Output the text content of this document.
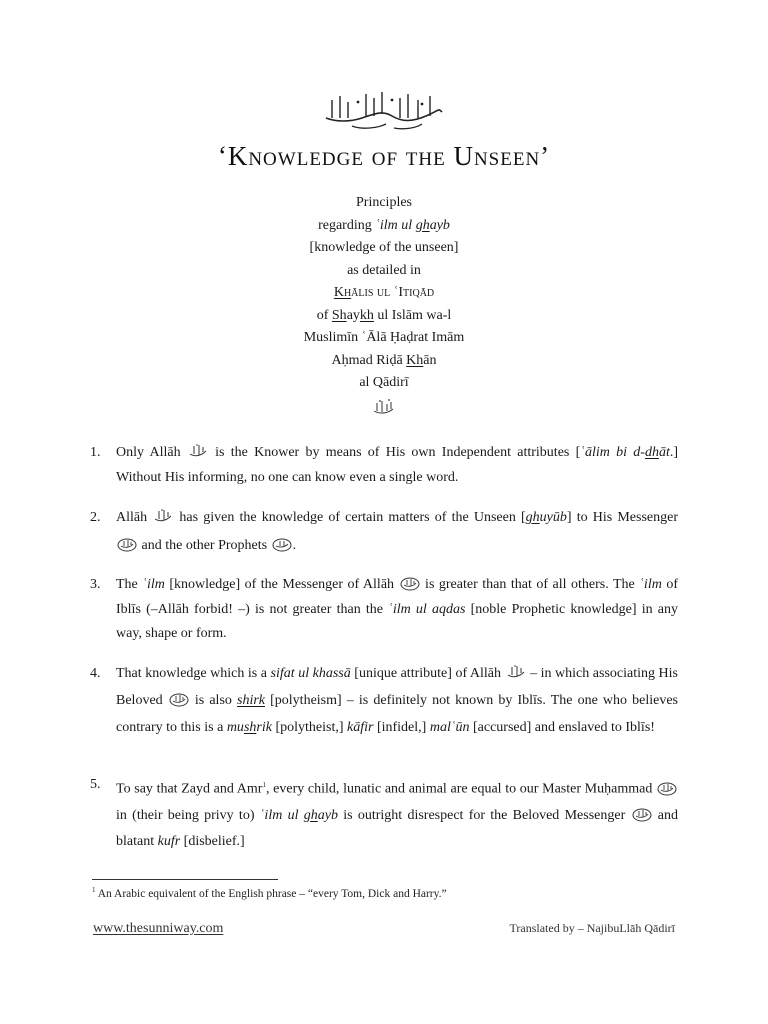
‘Knowledge of the Unseen’
Principles
regarding ʿilm ul ghayb
[knowledge of the unseen]
as detailed in
Khālis ul ʿItiqād
of Shaykh ul Islām wa-l
Muslimīn ʿĀlā Ḥaḍrat Imām
Aḥmad Riḍā Khān
al Qādirī
1.	Only Allāh  is the Knower by means of His own Independent attributes [ʿālim bi d-dhāt.] Without His informing, no one can know even a single word.
2.	Allāh  has given the knowledge of certain matters of the Unseen [ghuyūb] to His Messenger  and the other Prophets .
3.	The ʿilm [knowledge] of the Messenger of Allāh  is greater than that of all others. The ʿilm of Iblīs (–Allāh forbid! –) is not greater than the ʿilm ul aqdas [noble Prophetic knowledge] in any way, shape or form.
4.	That knowledge which is a sifat ul khassā [unique attribute] of Allāh  – in which associating His Beloved  is also shirk [polytheism] – is definitely not known by Iblīs. The one who believes contrary to this is a mushrik [polytheist,] kāfir [infidel,] malʿūn [accursed] and enslaved to Iblīs!
5.	To say that Zayd and Amr$^1$, every child, lunatic and animal are equal to our Master Muḥammad  in (their being privy to) ʿilm ul ghayb is outright disrespect for the Beloved Messenger  and blatant kufr [disbelief.]
$^1$ An Arabic equivalent of the English phrase – “every Tom, Dick and Harry.”
www.thesunniway.com	Translated by – NajibuLlāh Qādirī
